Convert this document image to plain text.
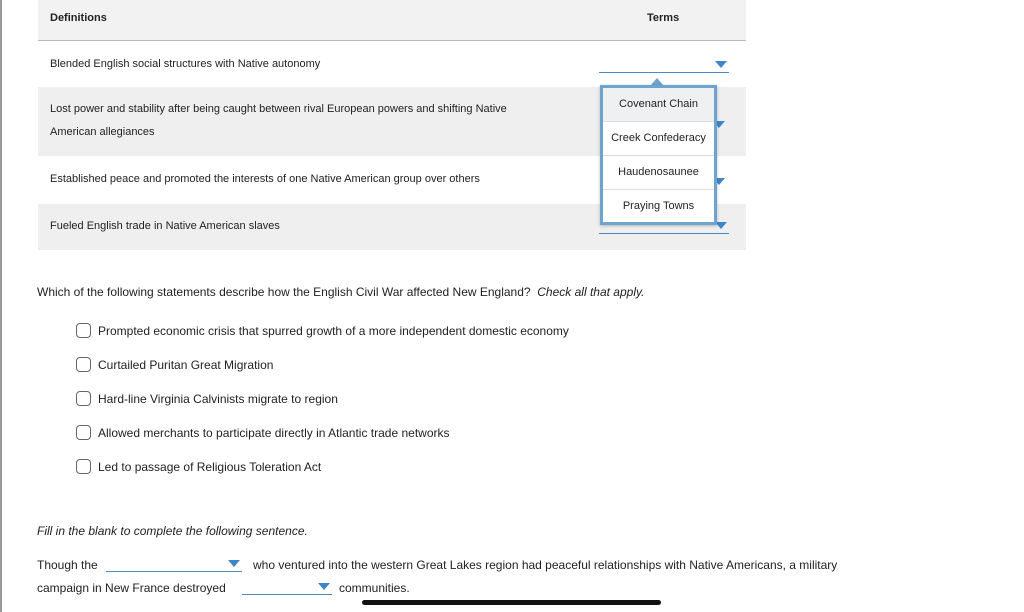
Definitions	Terms
Blended English social structures with Native autonomy
Lost power and stability after being caught between rival European powers and shifting Native
American allegiances
Established peace and promoted the interests of one Native American group over others
Fueled English trade in Native American slaves
Covenant Chain
Creek Confederacy
Haudenosaunee
Praying Towns
Which of the following statements describe how the English Civil War affected New England? Check all that apply.
Prompted economic crisis that spurred growth of a more independent domestic economy
Curtailed Puritan Great Migration
Hard-line Virginia Calvinists migrate to region
Allowed merchants to participate directly in Atlantic trade networks
Led to passage of Religious Toleration Act
Fill in the blank to complete the following sentence.
Though the	who ventured into the western Great Lakes region had peaceful relationships with Native Americans, a military
campaign in New France destroyed	communities.
